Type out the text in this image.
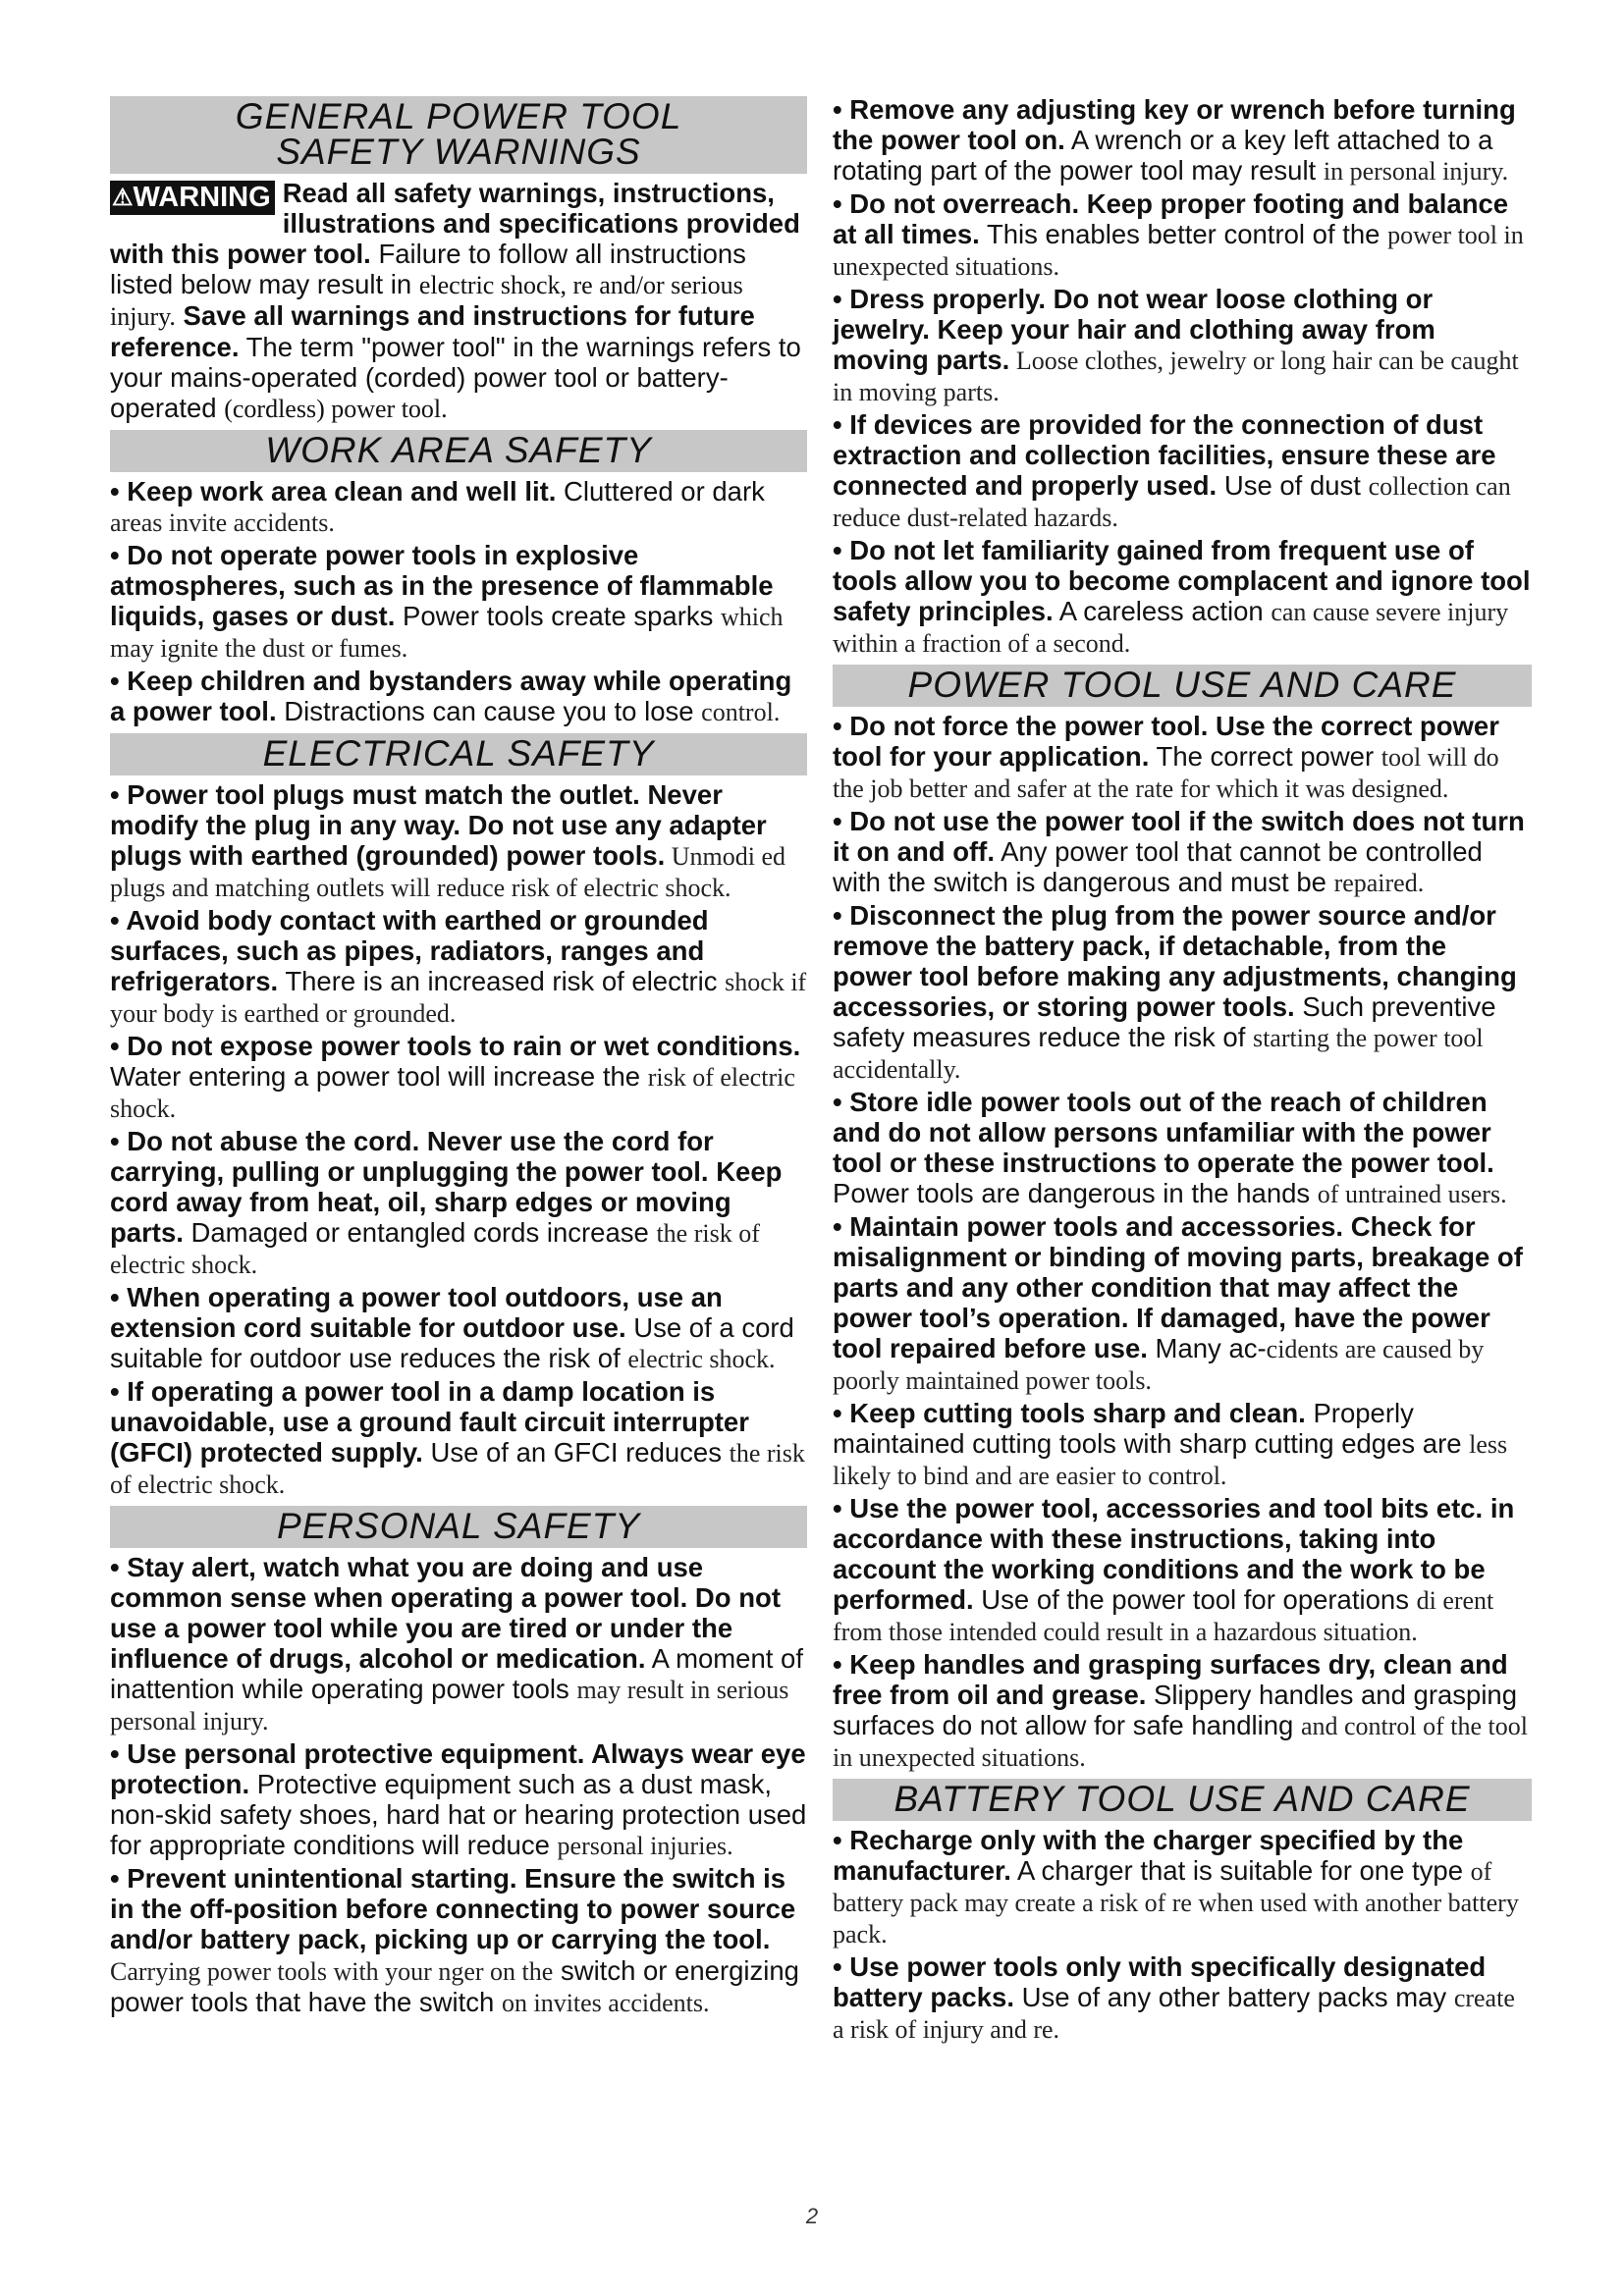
GENERAL POWER TOOL
SAFETY WARNINGS
⚠WARNING Read all safety warnings, instructions, illustrations and specifications provided with this power tool. Failure to follow all instructions listed below may result in electric shock, re and/or serious injury. Save all warnings and instructions for future reference. The term "power tool" in the warnings refers to your mains-operated (corded) power tool or battery-operated (cordless) power tool.
WORK AREA SAFETY

• Keep work area clean and well lit. Cluttered or dark areas invite accidents.

• Do not operate power tools in explosive atmospheres, such as in the presence of flammable liquids, gases or dust. Power tools create sparks which may ignite the dust or fumes.

• Keep children and bystanders away while operating a power tool. Distractions can cause you to lose control.

ELECTRICAL SAFETY

• Power tool plugs must match the outlet. Never modify the plug in any way. Do not use any adapter plugs with earthed (grounded) power tools. Unmodi ed plugs and matching outlets will reduce risk of electric shock.

• Avoid body contact with earthed or grounded surfaces, such as pipes, radiators, ranges and refrigerators. There is an increased risk of electric shock if your body is earthed or grounded.

• Do not expose power tools to rain or wet conditions. Water entering a power tool will increase the risk of electric shock.

• Do not abuse the cord. Never use the cord for carrying, pulling or unplugging the power tool. Keep cord away from heat, oil, sharp edges or moving parts. Damaged or entangled cords increase the risk of electric shock.

• When operating a power tool outdoors, use an extension cord suitable for outdoor use. Use of a cord suitable for outdoor use reduces the risk of electric shock.

• If operating a power tool in a damp location is unavoidable, use a ground fault circuit interrupter (GFCI) protected supply. Use of an GFCI reduces the risk of electric shock.

PERSONAL SAFETY

• Stay alert, watch what you are doing and use common sense when operating a power tool. Do not use a power tool while you are tired or under the influence of drugs, alcohol or medication. A moment of inattention while operating power tools may result in serious personal injury.

• Use personal protective equipment. Always wear eye protection. Protective equipment such as a dust mask, non-skid safety shoes, hard hat or hearing protection used for appropriate conditions will reduce personal injuries.

• Prevent unintentional starting. Ensure the switch is in the off-position before connecting to power source and/or battery pack, picking up or carrying the tool. Carrying power tools with your nger on the switch or energizing power tools that have the switch on invites accidents.

• Remove any adjusting key or wrench before turning the power tool on. A wrench or a key left attached to a rotating part of the power tool may result in personal injury.

• Do not overreach. Keep proper footing and balance at all times. This enables better control of the power tool in unexpected situations.

• Dress properly. Do not wear loose clothing or jewelry. Keep your hair and clothing away from moving parts. Loose clothes, jewelry or long hair can be caught in moving parts.

• If devices are provided for the connection of dust extraction and collection facilities, ensure these are connected and properly used. Use of dust collection can reduce dust-related hazards.

• Do not let familiarity gained from frequent use of tools allow you to become complacent and ignore tool safety principles. A careless action can cause severe injury within a fraction of a second.

POWER TOOL USE AND CARE

• Do not force the power tool. Use the correct power tool for your application. The correct power tool will do the job better and safer at the rate for which it was designed.

• Do not use the power tool if the switch does not turn it on and off. Any power tool that cannot be controlled with the switch is dangerous and must be repaired.

• Disconnect the plug from the power source and/or remove the battery pack, if detachable, from the power tool before making any adjustments, changing accessories, or storing power tools. Such preventive safety measures reduce the risk of starting the power tool accidentally.

• Store idle power tools out of the reach of children and do not allow persons unfamiliar with the power tool or these instructions to operate the power tool. Power tools are dangerous in the hands of untrained users.

• Maintain power tools and accessories. Check for misalignment or binding of moving parts, breakage of parts and any other condition that may affect the power tool’s operation. If damaged, have the power tool repaired before use. Many ac-cidents are caused by poorly maintained power tools.

• Keep cutting tools sharp and clean. Properly maintained cutting tools with sharp cutting edges are less likely to bind and are easier to control.

• Use the power tool, accessories and tool bits etc. in accordance with these instructions, taking into account the working conditions and the work to be performed. Use of the power tool for operations di erent from those intended could result in a hazardous situation.

• Keep handles and grasping surfaces dry, clean and free from oil and grease. Slippery handles and grasping surfaces do not allow for safe handling and control of the tool in unexpected situations.

BATTERY TOOL USE AND CARE

• Recharge only with the charger specified by the manufacturer. A charger that is suitable for one type of battery pack may create a risk of re when used with another battery pack.

• Use power tools only with specifically designated battery packs. Use of any other battery packs may create a risk of injury and re.

2
